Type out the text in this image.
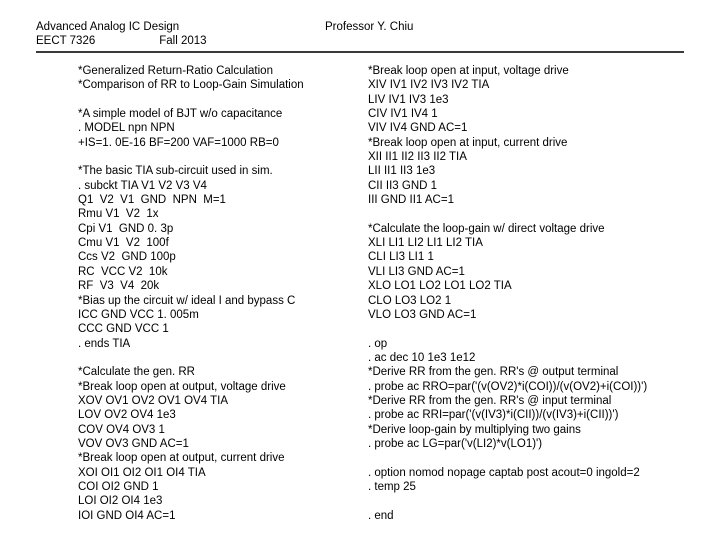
Advanced Analog IC Design
EECT 7326	Fall 2013
Professor Y. Chiu
*Generalized Return-Ratio Calculation
*Comparison of RR to Loop-Gain Simulation
*A simple model of BJT w/o capacitance
. MODEL npn NPN
+IS=1. 0E-16 BF=200 VAF=1000 RB=0
*The basic TIA sub-circuit used in sim.
. subckt TIA V1 V2 V3 V4
Q1  V2  V1  GND  NPN  M=1
Rmu V1  V2  1x
Cpi V1  GND 0. 3p
Cmu V1  V2  100f
Ccs V2  GND 100p
RC  VCC V2  10k
RF  V3  V4  20k
*Bias up the circuit w/ ideal I and bypass C
ICC GND VCC 1. 005m
CCC GND VCC 1
. ends TIA
*Calculate the gen. RR
*Break loop open at output, voltage drive
XOV OV1 OV2 OV1 OV4 TIA
LOV OV2 OV4 1e3
COV OV4 OV3 1
VOV OV3 GND AC=1
*Break loop open at output, current drive
XOI OI1 OI2 OI1 OI4 TIA
COI OI2 GND 1
LOI OI2 OI4 1e3
IOI GND OI4 AC=1
*Break loop open at input, voltage drive
XIV IV1 IV2 IV3 IV2 TIA
LIV IV1 IV3 1e3
CIV IV1 IV4 1
VIV IV4 GND AC=1
*Break loop open at input, current drive
XII II1 II2 II3 II2 TIA
LII II1 II3 1e3
CII II3 GND 1
III GND II1 AC=1
*Calculate the loop-gain w/ direct voltage drive
XLI LI1 LI2 LI1 LI2 TIA
CLI LI3 LI1 1
VLI LI3 GND AC=1
XLO LO1 LO2 LO1 LO2 TIA
CLO LO3 LO2 1
VLO LO3 GND AC=1
. op
. ac dec 10 1e3 1e12
*Derive RR from the gen. RR's @ output terminal
. probe ac RRO=par('(v(OV2)*i(COI))/(v(OV2)+i(COI))')
*Derive RR from the gen. RR's @ input terminal
. probe ac RRI=par('(v(IV3)*i(CII))/(v(IV3)+i(CII))')
*Derive loop-gain by multiplying two gains
. probe ac LG=par('v(LI2)*v(LO1)')
. option nomod nopage captab post acout=0 ingold=2
. temp 25
. end
